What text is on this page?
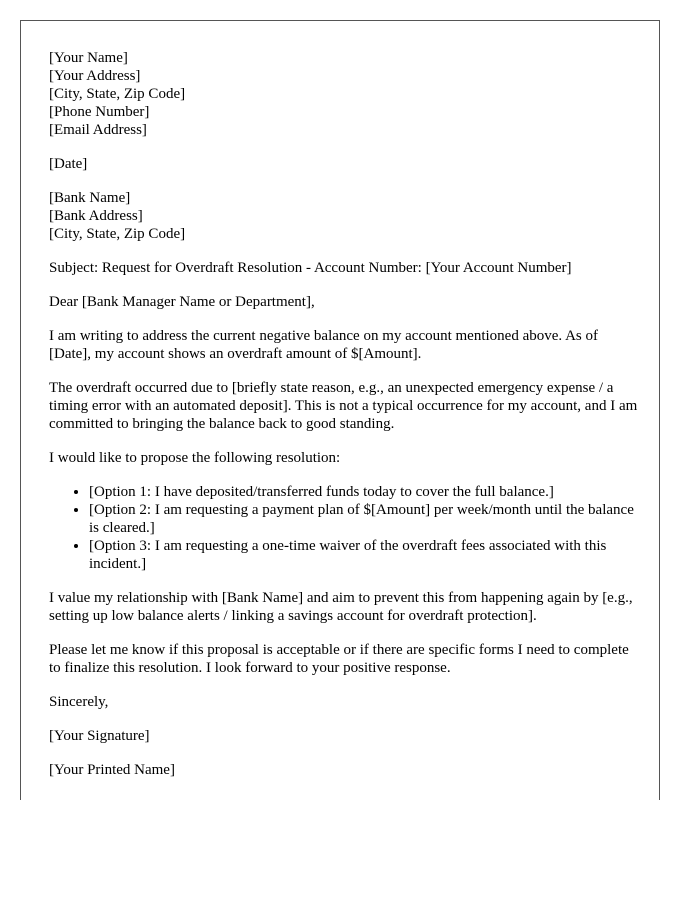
[Your Name]
[Your Address]
[City, State, Zip Code]
[Phone Number]
[Email Address]

[Date]

[Bank Name]
[Bank Address]
[City, State, Zip Code]

Subject: Request for Overdraft Resolution - Account Number: [Your Account Number]

Dear [Bank Manager Name or Department],

I am writing to address the current negative balance on my account mentioned above. As of [Date], my account shows an overdraft amount of $[Amount].

The overdraft occurred due to [briefly state reason, e.g., an unexpected emergency expense / a timing error with an automated deposit]. This is not a typical occurrence for my account, and I am committed to bringing the balance back to good standing.

I would like to propose the following resolution:

• [Option 1: I have deposited/transferred funds today to cover the full balance.]
• [Option 2: I am requesting a payment plan of $[Amount] per week/month until the balance is cleared.]
• [Option 3: I am requesting a one-time waiver of the overdraft fees associated with this incident.]

I value my relationship with [Bank Name] and aim to prevent this from happening again by [e.g., setting up low balance alerts / linking a savings account for overdraft protection].

Please let me know if this proposal is acceptable or if there are specific forms I need to complete to finalize this resolution. I look forward to your positive response.

Sincerely,

[Your Signature]

[Your Printed Name]
